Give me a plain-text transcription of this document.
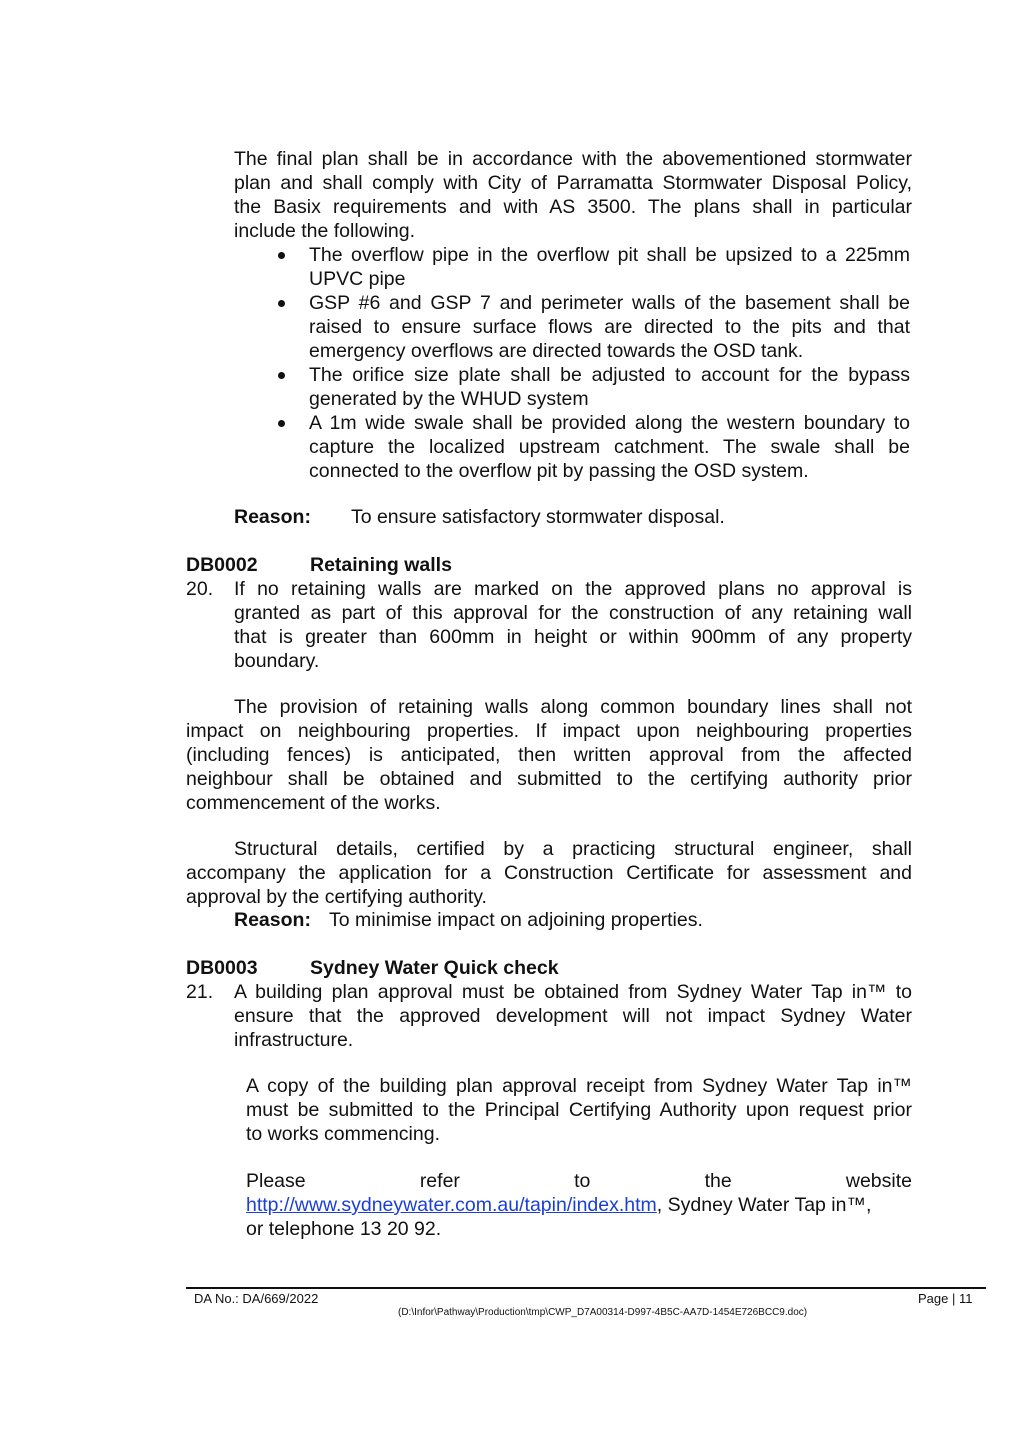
The final plan shall be in accordance with the abovementioned stormwater
plan and shall comply with City of Parramatta Stormwater Disposal Policy,
the Basix requirements and with AS 3500. The plans shall in particular
include the following.
The overflow pipe in the overflow pit shall be upsized to a 225mm
UPVC pipe
GSP #6 and GSP 7 and perimeter walls of the basement shall be
raised to ensure surface flows are directed to the pits and that
emergency overflows are directed towards the OSD tank.
The orifice size plate shall be adjusted to account for the bypass
generated by the WHUD system
A 1m wide swale shall be provided along the western boundary to
capture the localized upstream catchment. The swale shall be
connected to the overflow pit by passing the OSD system.
Reason: To ensure satisfactory stormwater disposal.
DB0002	Retaining walls
20. If no retaining walls are marked on the approved plans no approval is
granted as part of this approval for the construction of any retaining wall
that is greater than 600mm in height or within 900mm of any property
boundary.
The provision of retaining walls along common boundary lines shall not
impact on neighbouring properties. If impact upon neighbouring properties
(including fences) is anticipated, then written approval from the affected
neighbour shall be obtained and submitted to the certifying authority prior
commencement of the works.
Structural details, certified by a practicing structural engineer, shall
accompany the application for a Construction Certificate for assessment and
approval by the certifying authority.
Reason: To minimise impact on adjoining properties.
DB0003	Sydney Water Quick check
21. A building plan approval must be obtained from Sydney Water Tap in™ to
ensure that the approved development will not impact Sydney Water
infrastructure.
A copy of the building plan approval receipt from Sydney Water Tap in™
must be submitted to the Principal Certifying Authority upon request prior
to works commencing.
Please	refer	to	the	website
http://www.sydneywater.com.au/tapin/index.htm, Sydney Water Tap in™,
or telephone 13 20 92.
DA No.: DA/669/2022	Page | 11
(D:\Infor\Pathway\Production\tmp\CWP_D7A00314-D997-4B5C-AA7D-1454E726BCC9.doc)
